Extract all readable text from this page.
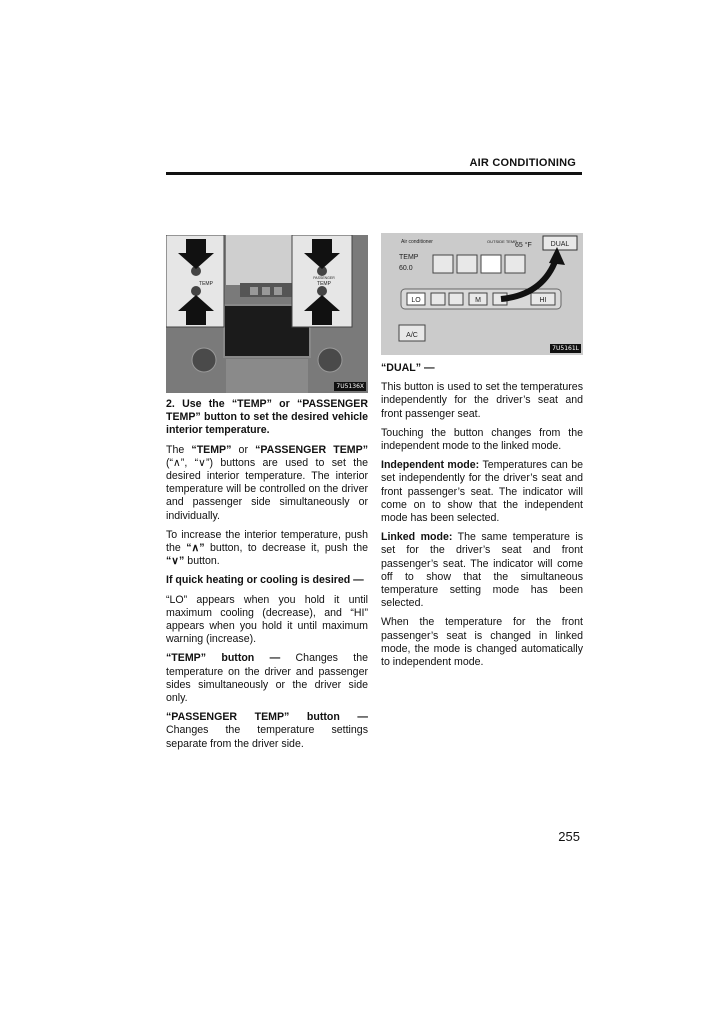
AIR CONDITIONING
TEMP
PASSENGER
TEMP
7U5136X
Air conditioner	OUTSIDE TEMP
65 °F	DUAL
TEMP
60.0
LO	M	HI
A/C
7U5161L

2. Use the “TEMP” or “PASSENGER TEMP” button to set the desired vehicle interior temperature.

The “TEMP” or “PASSENGER TEMP” (“∧”, “∨”) buttons are used to set the desired interior temperature. The interior temperature will be controlled on the driver and passenger side simultaneously or individually.

To increase the interior temperature, push the “∧” button, to decrease it, push the “∨” button.

If quick heating or cooling is desired —

“LO” appears when you hold it until maximum cooling (decrease), and “HI” appears when you hold it until maximum warning (increase).

“TEMP” button — Changes the temperature on the driver and passenger sides simultaneously or the driver side only.

“PASSENGER TEMP” button — Changes the temperature settings separate from the driver side.

“DUAL” —

This button is used to set the temperatures independently for the driver’s seat and front passenger seat.

Touching the button changes from the independent mode to the linked mode.

Independent mode: Temperatures can be set independently for the driver’s seat and front passenger’s seat. The indicator will come on to show that the independent mode has been selected.

Linked mode: The same temperature is set for the driver’s seat and front passenger’s seat. The indicator will come off to show that the simultaneous temperature setting mode has been selected.

When the temperature for the front passenger’s seat is changed in linked mode, the mode is changed automatically to independent mode.

255
